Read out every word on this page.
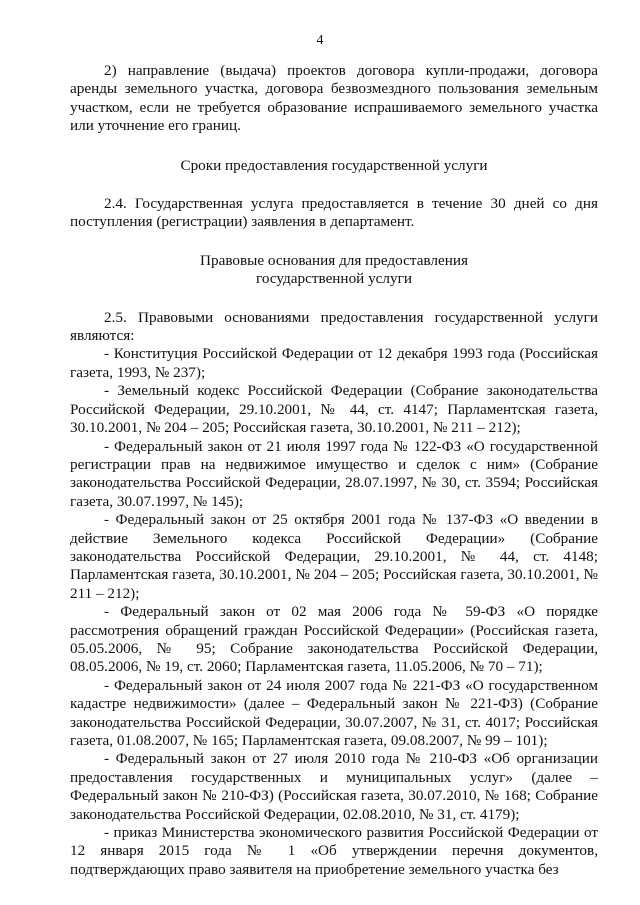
4

2) направление (выдача) проектов договора купли-продажи, договора аренды земельного участка, договора безвозмездного пользования земельным участком, если не требуется образование испрашиваемого земельного участка или уточнение его границ.

Сроки предоставления государственной услуги

2.4. Государственная услуга предоставляется в течение 30 дней со дня поступления (регистрации) заявления в департамент.

Правовые основания для предоставления

государственной услуги

2.5. Правовыми основаниями предоставления государственной услуги являются:

- Конституция Российской Федерации от 12 декабря 1993 года (Российская газета, 1993, № 237);

- Земельный кодекс Российской Федерации (Собрание законодательства Российской Федерации, 29.10.2001, № 44, ст. 4147; Парламентская газета, 30.10.2001, № 204 – 205; Российская газета, 30.10.2001, № 211 – 212);

- Федеральный закон от 21 июля 1997 года № 122-ФЗ «О государственной регистрации прав на недвижимое имущество и сделок с ним» (Собрание законодательства Российской Федерации, 28.07.1997, № 30, ст. 3594; Российская газета, 30.07.1997, № 145);

- Федеральный закон от 25 октября 2001 года № 137-ФЗ «О введении в действие Земельного кодекса Российской Федерации» (Собрание законодательства Российской Федерации, 29.10.2001, № 44, ст. 4148; Парламентская газета, 30.10.2001, № 204 – 205; Российская газета, 30.10.2001, № 211 – 212);

- Федеральный закон от 02 мая 2006 года № 59-ФЗ «О порядке рассмотрения обращений граждан Российской Федерации» (Российская газета, 05.05.2006, № 95; Собрание законодательства Российской Федерации, 08.05.2006, № 19, ст. 2060; Парламентская газета, 11.05.2006, № 70 – 71);

- Федеральный закон от 24 июля 2007 года № 221-ФЗ «О государственном кадастре недвижимости» (далее – Федеральный закон № 221-ФЗ) (Собрание законодательства Российской Федерации, 30.07.2007, № 31, ст. 4017; Российская газета, 01.08.2007, № 165; Парламентская газета, 09.08.2007, № 99 – 101);

- Федеральный закон от 27 июля 2010 года № 210-ФЗ «Об организации предоставления государственных и муниципальных услуг» (далее – Федеральный закон № 210-ФЗ) (Российская газета, 30.07.2010, № 168; Собрание законодательства Российской Федерации, 02.08.2010, № 31, ст. 4179);

- приказ Министерства экономического развития Российской Федерации от 12 января 2015 года № 1 «Об утверждении перечня документов, подтверждающих право заявителя на приобретение земельного участка без
